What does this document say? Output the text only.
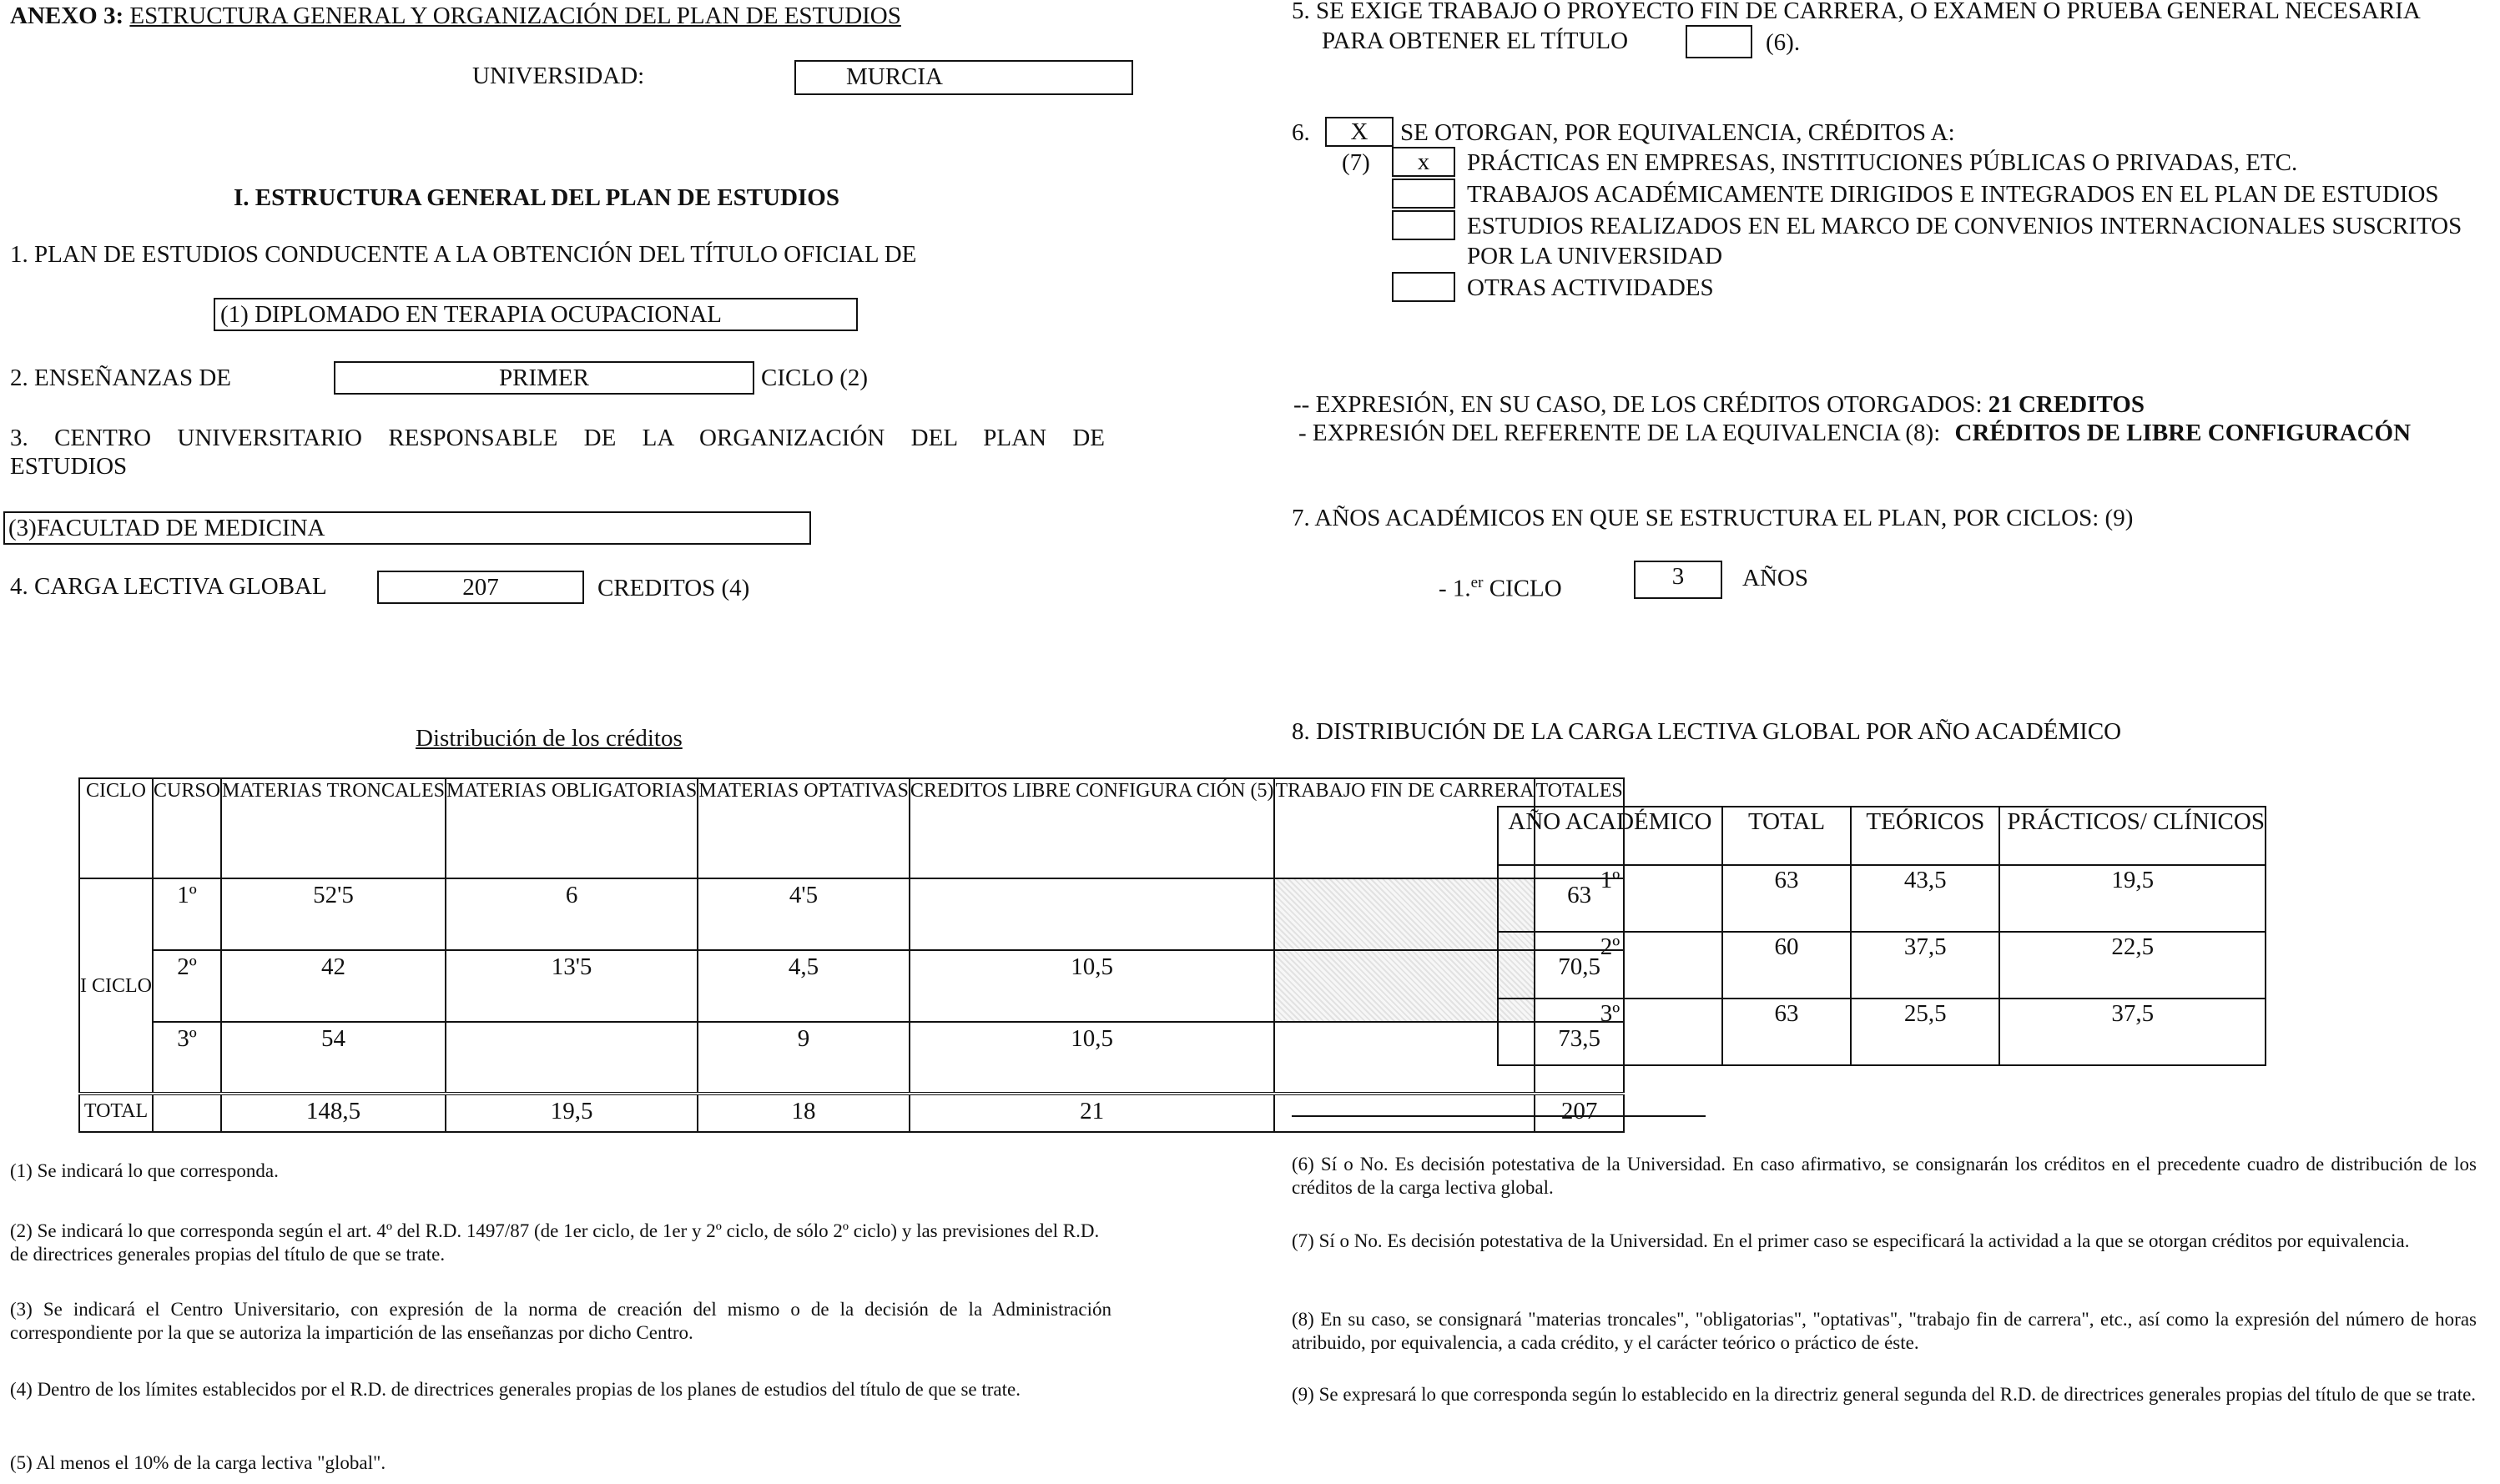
ANEXO 3: ESTRUCTURA GENERAL Y ORGANIZACIÓN DEL PLAN DE ESTUDIOS
UNIVERSIDAD:	MURCIA
I. ESTRUCTURA GENERAL DEL PLAN DE ESTUDIOS
1. PLAN DE ESTUDIOS CONDUCENTE A LA OBTENCIÓN DEL TÍTULO OFICIAL DE
(1) DIPLOMADO EN TERAPIA OCUPACIONAL
2. ENSEÑANZAS DE	PRIMER	CICLO (2)
3. CENTRO UNIVERSITARIO RESPONSABLE DE LA ORGANIZACIÓN DEL PLAN DE
ESTUDIOS
(3)FACULTAD DE MEDICINA
4. CARGA LECTIVA GLOBAL	207	CREDITOS (4)
Distribución de los créditos
CICLO	CURSO	MATERIAS TRONCALES	MATERIAS OBLIGATORIAS	MATERIAS OPTATIVAS	CREDITOS LIBRE CONFIGURA CIÓN (5)	TRABAJO FIN DE CARRERA	TOTALES
I CICLO	1º	52'5	6	4'5			63
	2º	42	13'5	4,5	10,5		70,5
	3º	54		9	10,5		73,5
TOTAL		148,5	19,5	18	21		207
(1) Se indicará lo que corresponda.
(2) Se indicará lo que corresponda según el art. 4º del R.D. 1497/87 (de 1er ciclo, de 1er y 2º ciclo, de sólo 2º ciclo) y las previsiones del R.D. de directrices generales propias del título de que se trate.
(3) Se indicará el Centro Universitario, con expresión de la norma de creación del mismo o de la decisión de la Administración correspondiente por la que se autoriza la impartición de las enseñanzas por dicho Centro.
(4) Dentro de los límites establecidos por el R.D. de directrices generales propias de los planes de estudios del título de que se trate.
(5) Al menos el 10% de la carga lectiva "global".
5. SE EXIGE TRABAJO O PROYECTO FIN DE CARRERA, O EXAMEN O PRUEBA GENERAL NECESARIA
PARA OBTENER EL TÍTULO	(6).
6.	X	SE OTORGAN, POR EQUIVALENCIA, CRÉDITOS A:
(7)	x	PRÁCTICAS EN EMPRESAS, INSTITUCIONES PÚBLICAS O PRIVADAS, ETC.
TRABAJOS ACADÉMICAMENTE DIRIGIDOS E INTEGRADOS EN EL PLAN DE ESTUDIOS
ESTUDIOS REALIZADOS EN EL MARCO DE CONVENIOS INTERNACIONALES SUSCRITOS
POR LA UNIVERSIDAD
OTRAS ACTIVIDADES
-- EXPRESIÓN, EN SU CASO, DE LOS CRÉDITOS OTORGADOS: 21 CREDITOS
- EXPRESIÓN DEL REFERENTE DE LA EQUIVALENCIA (8): CRÉDITOS DE LIBRE CONFIGURACÓN
7. AÑOS ACADÉMICOS EN QUE SE ESTRUCTURA EL PLAN, POR CICLOS: (9)
- 1.$^{er}$ CICLO	3	AÑOS
8. DISTRIBUCIÓN DE LA CARGA LECTIVA GLOBAL POR AÑO ACADÉMICO
AÑO ACADÉMICO	TOTAL	TEÓRICOS	PRÁCTICOS/ CLÍNICOS
1º	63	43,5	19,5
2º	60	37,5	22,5
3º	63	25,5	37,5
(6) Sí o No. Es decisión potestativa de la Universidad. En caso afirmativo, se consignarán los créditos en el precedente cuadro de distribución de los créditos de la carga lectiva global.
(7) Sí o No. Es decisión potestativa de la Universidad. En el primer caso se especificará la actividad a la que se otorgan créditos por equivalencia.
(8) En su caso, se consignará "materias troncales", "obligatorias", "optativas", "trabajo fin de carrera", etc., así como la expresión del número de horas atribuido, por equivalencia, a cada crédito, y el carácter teórico o práctico de éste.
(9) Se expresará lo que corresponda según lo establecido en la directriz general segunda del R.D. de directrices generales propias del título de que se trate.
